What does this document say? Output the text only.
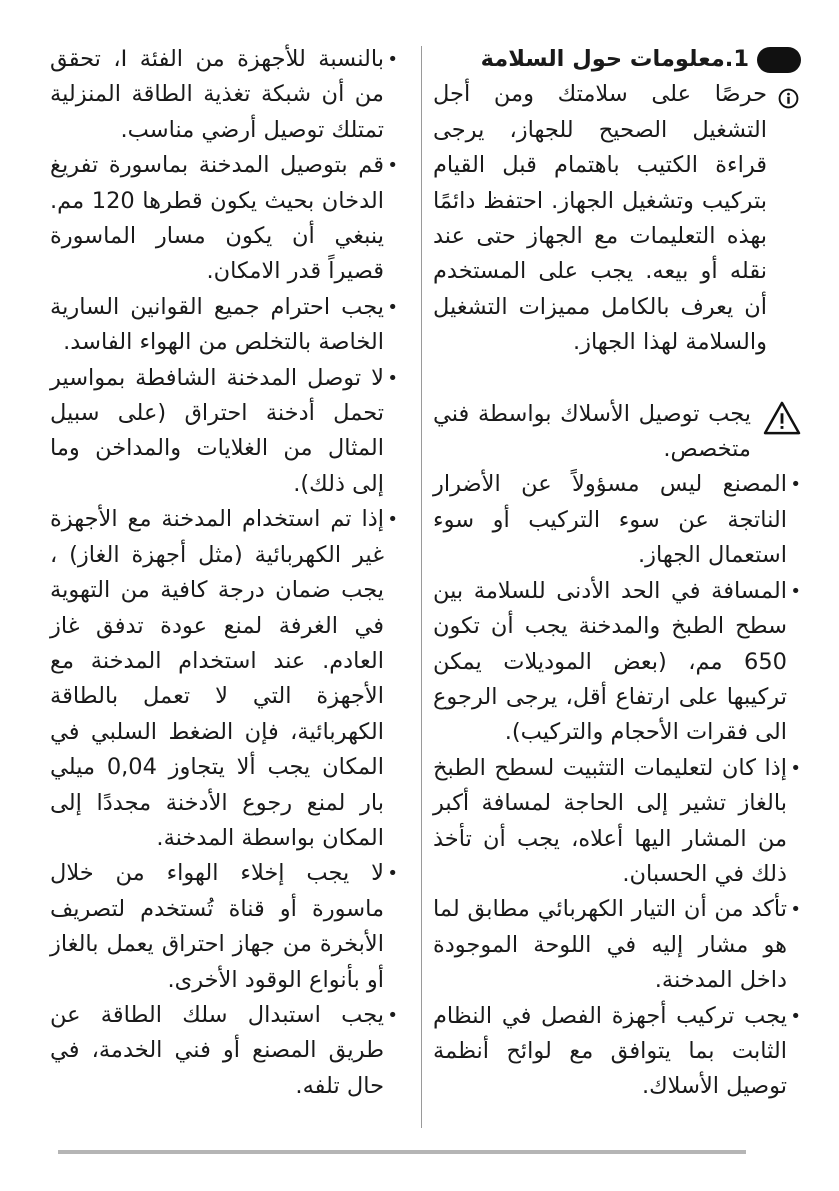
1.معلومات حول السلامة

حرصًا على سلامتك ومن أجل التشغيل الصحيح للجهاز، يرجى قراءة الكتيب باهتمام قبل القيام بتركيب وتشغيل الجهاز. احتفظ دائمًا بهذه التعليمات مع الجهاز حتى عند نقله أو بيعه. يجب على المستخدم أن يعرف بالكامل مميزات التشغيل والسلامة لهذا الجهاز.

يجب توصيل الأسلاك بواسطة فني متخصص.
• المصنع ليس مسؤولاً عن الأضرار الناتجة عن سوء التركيب أو سوء استعمال الجهاز.
• المسافة في الحد الأدنى للسلامة بين سطح الطبخ والمدخنة يجب أن تكون 650 مم، (بعض الموديلات يمكن تركيبها على ارتفاع أقل، يرجى الرجوع الى فقرات الأحجام والتركيب).
• إذا كان لتعليمات التثبيت لسطح الطبخ بالغاز تشير إلى الحاجة لمسافة أكبر من المشار اليها أعلاه، يجب أن تأخذ ذلك في الحسبان.
• تأكد من أن التيار الكهربائي مطابق لما هو مشار إليه في اللوحة الموجودة داخل المدخنة.
• يجب تركيب أجهزة الفصل في النظام الثابت بما يتوافق مع لوائح أنظمة توصيل الأسلاك.
• بالنسبة للأجهزة من الفئة I، تحقق من أن شبكة تغذية الطاقة المنزلية تمتلك توصيل أرضي مناسب.
• قم بتوصيل المدخنة بماسورة تفريغ الدخان بحيث يكون قطرها 120 مم. ينبغي أن يكون مسار الماسورة قصيراً قدر الامكان.
• يجب احترام جميع القوانين السارية الخاصة بالتخلص من الهواء الفاسد.
• لا توصل المدخنة الشافطة بمواسير تحمل أدخنة احتراق (على سبيل المثال من الغلايات والمداخن وما إلى ذلك).
• إذا تم استخدام المدخنة مع الأجهزة غير الكهربائية (مثل أجهزة الغاز) ، يجب ضمان درجة كافية من التهوية في الغرفة لمنع عودة تدفق غاز العادم. عند استخدام المدخنة مع الأجهزة التي لا تعمل بالطاقة الكهربائية، فإن الضغط السلبي في المكان يجب ألا يتجاوز 0,04 ميلي بار لمنع رجوع الأدخنة مجددًا إلى المكان بواسطة المدخنة.
• لا يجب إخلاء الهواء من خلال ماسورة أو قناة تُستخدم لتصريف الأبخرة من جهاز احتراق يعمل بالغاز أو بأنواع الوقود الأخرى.
• يجب استبدال سلك الطاقة عن طريق المصنع أو فني الخدمة، في حال تلفه.
